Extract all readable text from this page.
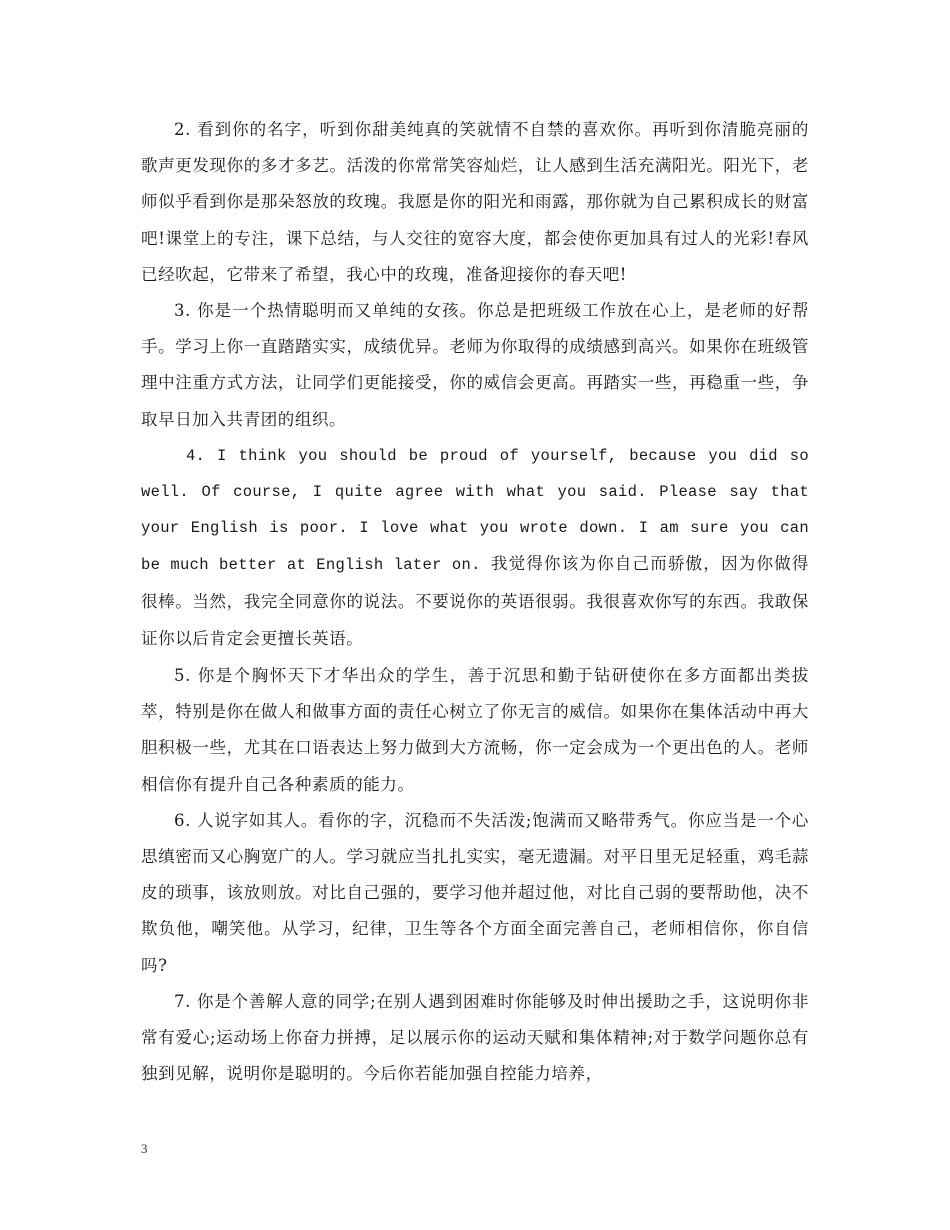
2. 看到你的名字，听到你甜美纯真的笑就情不自禁的喜欢你。再听到你清脆亮丽的歌声更发现你的多才多艺。活泼的你常常笑容灿烂，让人感到生活充满阳光。阳光下，老师似乎看到你是那朵怒放的玫瑰。我愿是你的阳光和雨露，那你就为自己累积成长的财富吧!课堂上的专注，课下总结，与人交往的宽容大度，都会使你更加具有过人的光彩!春风已经吹起，它带来了希望，我心中的玫瑰，准备迎接你的春天吧!

3. 你是一个热情聪明而又单纯的女孩。你总是把班级工作放在心上，是老师的好帮手。学习上你一直踏踏实实，成绩优异。老师为你取得的成绩感到高兴。如果你在班级管理中注重方式方法，让同学们更能接受，你的威信会更高。再踏实一些，再稳重一些，争取早日加入共青团的组织。

4. I think you should be proud of yourself, because you did so well. Of course, I quite agree with what you said. Please say that your English is poor. I love what you wrote down. I am sure you can be much better at English later on. 我觉得你该为你自己而骄傲，因为你做得很棒。当然，我完全同意你的说法。不要说你的英语很弱。我很喜欢你写的东西。我敢保证你以后肯定会更擅长英语。

5. 你是个胸怀天下才华出众的学生，善于沉思和勤于钻研使你在多方面都出类拔萃，特别是你在做人和做事方面的责任心树立了你无言的威信。如果你在集体活动中再大胆积极一些，尤其在口语表达上努力做到大方流畅，你一定会成为一个更出色的人。老师相信你有提升自己各种素质的能力。

6. 人说字如其人。看你的字，沉稳而不失活泼;饱满而又略带秀气。你应当是一个心思缜密而又心胸宽广的人。学习就应当扎扎实实，毫无遗漏。对平日里无足轻重，鸡毛蒜皮的琐事，该放则放。对比自己强的，要学习他并超过他，对比自己弱的要帮助他，决不欺负他，嘲笑他。从学习，纪律，卫生等各个方面全面完善自己，老师相信你，你自信吗?

7. 你是个善解人意的同学;在别人遇到困难时你能够及时伸出援助之手，这说明你非常有爱心;运动场上你奋力拼搏，足以展示你的运动天赋和集体精神;对于数学问题你总有独到见解，说明你是聪明的。今后你若能加强自控能力培养，

3
